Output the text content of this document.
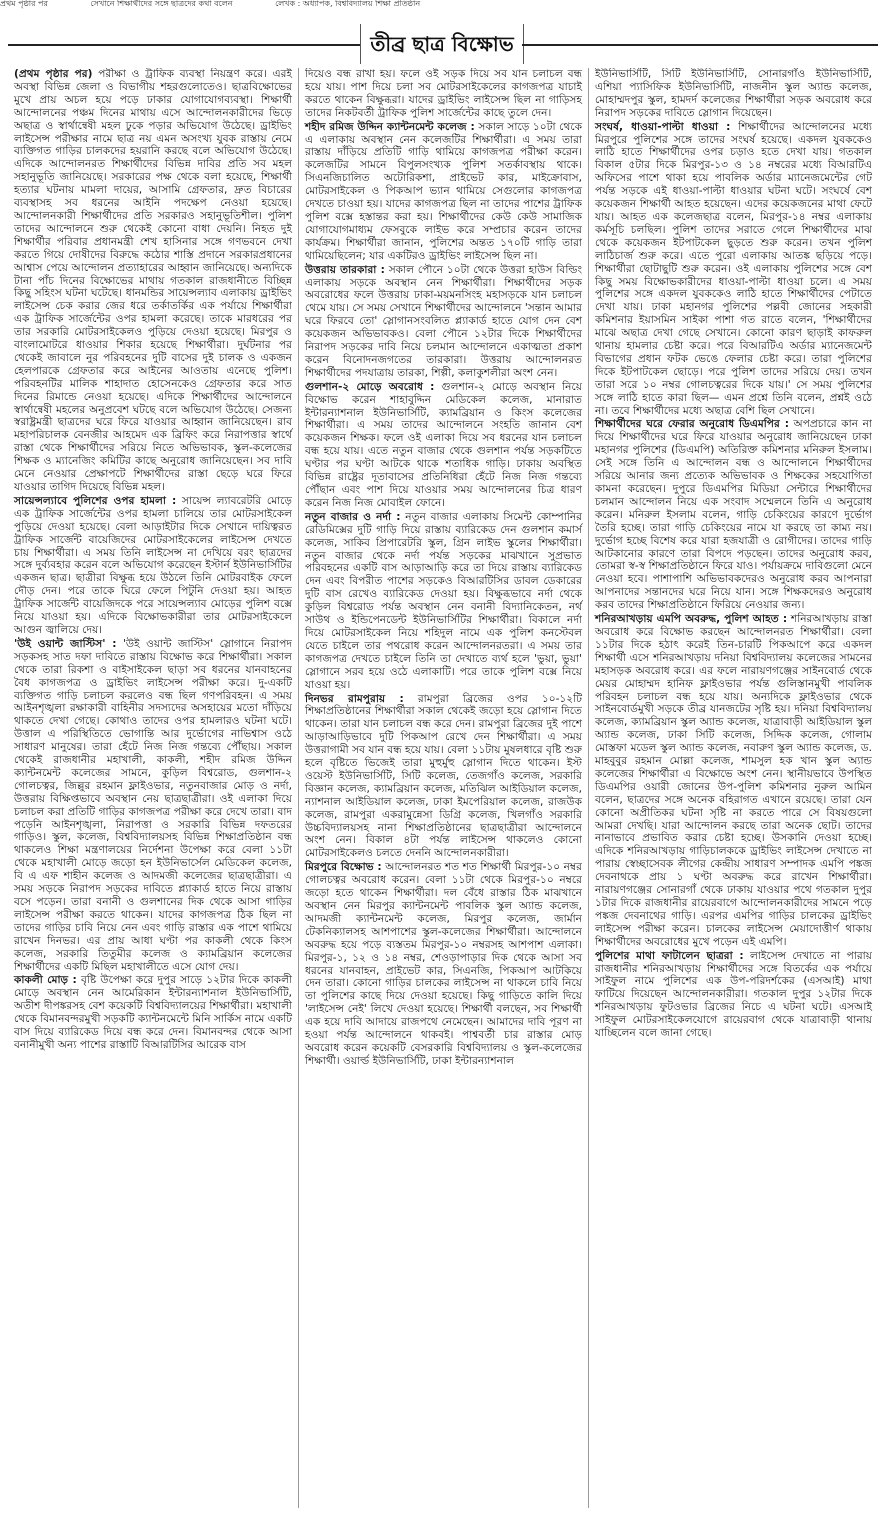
প্রথম পৃষ্ঠার পর	সেখানে শিক্ষার্থীদের সঙ্গে ছাত্রদের কথা বলেন	লেখক : অধ্যাপক, বিশ্ববিদ্যালয় শিক্ষা প্রতিষ্ঠান
তীব্র ছাত্র বিক্ষোভ

(প্রথম পৃষ্ঠার পর) পরীক্ষা ও ট্রাফিক ব্যবস্থা নিয়ন্ত্রণ করে। এরই অবস্থা বিভিন্ন জেলা ও বিভাগীয় শহরগুলোতেও। ছাত্রবিক্ষোভের মুখে প্রায় অচল হয়ে পড়ে ঢাকার যোগাযোগব্যবস্থা। শিক্ষার্থী আন্দোলনের পঞ্চম দিনের মাথায় এসে আন্দোলনকারীদের ভিড়ে অছাত্র ও স্বার্থান্বেষী মহল ঢুকে পড়ার অভিযোগ উঠেছে। ড্রাইভিং লাইসেন্স পরীক্ষার নামে ছাত্র নয় এমন অসংখ্য যুবক রাস্তায় নেমে ব্যক্তিগত গাড়ির চালকদের হয়রানি করছে বলে অভিযোগ উঠেছে। এদিকে আন্দোলনরত শিক্ষার্থীদের বিভিন্ন দাবির প্রতি সব মহল সহানুভূতি জানিয়েছে। সরকারের পক্ষ থেকে বলা হয়েছে, শিক্ষার্থী হত্যার ঘটনায় মামলা দায়ের, আসামি গ্রেফতার, দ্রুত বিচারের ব্যবস্থাসহ সব ধরনের আইনি পদক্ষেপ নেওয়া হয়েছে। আন্দোলনকারী শিক্ষার্থীদের প্রতি সরকারও সহানুভূতিশীল। পুলিশ তাদের আন্দোলনে শুরু থেকেই কোনো বাধা দেয়নি। নিহত দুই শিক্ষার্থীর পরিবার প্রধানমন্ত্রী শেখ হাসিনার সঙ্গে গণভবনে দেখা করতে গিয়ে দোষীদের বিরুদ্ধে কঠোর শাস্তি প্রদানে সরকারপ্রধানের আশ্বাস পেয়ে আন্দোলন প্রত্যাহারের আহ্বান জানিয়েছে। অন্যদিকে টানা পাঁচ দিনের বিক্ষোভের মাথায় গতকাল রাজধানীতে বিচ্ছিন্ন কিছু সহিংস ঘটনা ঘটেছে। ধানমন্ডির সায়েন্সল্যাব এলাকায় ড্রাইভিং লাইসেন্স চেক করার জের ধরে তর্কাতর্কির এক পর্যায়ে শিক্ষার্থীরা এক ট্রাফিক সার্জেন্টের ওপর হামলা করেছে। তাকে মারধরের পর তার সরকারি মোটরসাইকেলও পুড়িয়ে দেওয়া হয়েছে। মিরপুর ও বাংলামোটরে ধাওয়ার শিকার হয়েছে শিক্ষার্থীরা। দুর্ঘটনার পর থেকেই জাবালে নুর পরিবহনের দুটি বাসের দুই চালক ও একজন হেলপারকে গ্রেফতার করে আইনের আওতায় এনেছে পুলিশ। পরিবহনটির মালিক শাহাদাত হোসেনকেও গ্রেফতার করে সাত দিনের রিমান্ডে নেওয়া হয়েছে। এদিকে শিক্ষার্থীদের আন্দোলনে স্বার্থান্বেষী মহলের অনুপ্রবেশ ঘটছে বলে অভিযোগ উঠেছে। সেজন্য স্বরাষ্ট্রমন্ত্রী ছাত্রদের ঘরে ফিরে যাওয়ার আহ্বান জানিয়েছেন। রাব মহাপরিচালক বেনজীর আহমেদ এক ব্রিফিং করে নিরাপত্তার স্বার্থে রাস্তা থেকে শিক্ষার্থীদের সরিয়ে নিতে অভিভাবক, স্কুল-কলেজের শিক্ষক ও ম্যানেজিং কমিটির কাছে অনুরোধ জানিয়েছেন। সব দাবি মেনে নেওয়ার প্রেক্ষাপটে শিক্ষার্থীদের রাস্তা ছেড়ে ঘরে ফিরে যাওয়ার তাগিদ দিয়েছে বিভিন্ন মহল।

সায়েন্সল্যাবে পুলিশের ওপর হামলা : সায়েন্স ল্যাবরেটরি মোড়ে এক ট্রাফিক সার্জেন্টের ওপর হামলা চালিয়ে তার মোটরসাইকেল পুড়িয়ে দেওয়া হয়েছে। বেলা আড়াইটার দিকে সেখানে দায়িত্বরত ট্রাফিক সার্জেন্ট বায়েজিদের মোটরসাইকেলের লাইসেন্স দেখতে চায় শিক্ষার্থীরা। এ সময় তিনি লাইসেন্স না দেখিয়ে বরং ছাত্রদের সঙ্গে দুর্ব্যবহার করেন বলে অভিযোগ করেছেন ইস্টার্ন ইউনিভার্সিটির একজন ছাত্র। ছাত্রীরা বিক্ষুব্ধ হয়ে উঠলে তিনি মোটরবাইক ফেলে দৌড় দেন। পরে তাকে ঘিরে ফেলে পিটুনি দেওয়া হয়। আহত ট্রাফিক সার্জেন্ট বায়েজিদকে পরে সায়েন্সল্যাব মোড়ের পুলিশ বক্সে নিয়ে যাওয়া হয়। এদিকে বিক্ষোভকারীরা তার মোটরসাইকেলে আগুন জ্বালিয়ে দেয়।

'উই ওয়ান্ট জাস্টিস' : 'উই ওয়ান্ট জাস্টিস' স্লোগানে নিরাপদ সড়কসহ সাত দফা দাবিতে রাস্তায় বিক্ষোভ করে শিক্ষার্থীরা। সকাল থেকে তারা রিকশা ও বাইসাইকেল ছাড়া সব ধরনের যানবাহনের বৈধ কাগজপত্র ও ড্রাইভিং লাইসেন্স পরীক্ষা করে। দু-একটি ব্যক্তিগত গাড়ি চলাচল করলেও বন্ধ ছিল গণপরিবহন। এ সময় আইনশৃঙ্খলা রক্ষাকারী বাহিনীর সদস্যদের অসহায়ের মতো দাঁড়িয়ে থাকতে দেখা গেছে। কোথাও তাদের ওপর হামলারও ঘটনা ঘটে। উত্তাল এ পরিস্থিতিতে ভোগান্তি আর দুর্ভোগের নাভিশ্বাস ওঠে সাধারণ মানুষের। তারা হেঁটে নিজ নিজ গন্তব্যে পৌঁছায়। সকাল থেকেই রাজধানীর মহাখালী, কাকলী, শহীদ রমিজ উদ্দিন ক্যান্টনমেন্ট কলেজের সামনে, কুড়িল বিশ্বরোড, গুলশান-২ গোলচত্বর, জিল্লুর রহমান ফ্লাইওভার, নতুনবাজার মোড় ও নর্দা, উত্তরায় বিক্ষিপ্তভাবে অবস্থান নেয় ছাত্রছাত্রীরা। ওই এলাকা দিয়ে চলাচল করা প্রতিটি গাড়ির কাগজপত্র পরীক্ষা করে দেখে তারা। বাদ পড়েনি আইনশৃঙ্খলা, নিরাপত্তা ও সরকারি বিভিন্ন দফতরের গাড়িও। স্কুল, কলেজ, বিশ্ববিদ্যালয়সহ বিভিন্ন শিক্ষাপ্রতিষ্ঠান বন্ধ থাকলেও শিক্ষা মন্ত্রণালয়ের নির্দেশনা উপেক্ষা করে বেলা ১১টা থেকে মহাখালী মোড়ে জড়ো হন ইউনিভার্সেল মেডিকেল কলেজ, বি এ এফ শাহীন কলেজ ও আদমজী কলেজের ছাত্রছাত্রীরা। এ সময় সড়কে নিরাপদ সড়কের দাবিতে প্ল্যাকার্ড হাতে নিয়ে রাস্তায় বসে পড়েন। তারা বনানী ও গুলশানের দিক থেকে আসা গাড়ির লাইসেন্স পরীক্ষা করতে থাকেন। যাদের কাগজপত্র ঠিক ছিল না তাদের গাড়ির চাবি নিয়ে নেন এবং গাড়ি রাস্তার এক পাশে থামিয়ে রাখেন দিনভর। এর প্রায় আধা ঘণ্টা পর কাকলী থেকে কিংস কলেজ, সরকারি তিতুমীর কলেজ ও ক্যামব্রিয়ান কলেজের শিক্ষার্থীদের একটি মিছিল মহাখালীতে এসে যোগ দেয়।

কাকলী মোড় : বৃষ্টি উপেক্ষা করে দুপুর সাড়ে ১২টার দিকে কাকলী মোড়ে অবস্থান নেন আমেরিকান ইন্টারন্যাশনাল ইউনিভার্সিটি, অতীশ দীপঙ্করসহ বেশ কয়েকটি বিশ্ববিদ্যালয়ের শিক্ষার্থীরা। মহাখালী থেকে বিমানবন্দরমুখী সড়কটি ক্যান্টনমেন্টে মিনি সার্কিস নামে একটি বাস দিয়ে ব্যারিকেড দিয়ে বন্ধ করে দেন। বিমানবন্দর থেকে আসা বনানীমুখী অন্য পাশের রাস্তাটি বিআরটিসির আরেক বাস

দিয়েও বন্ধ রাখা হয়। ফলে ওই সড়ক দিয়ে সব যান চলাচল বন্ধ হয়ে যায়। পাশ দিয়ে চলা সব মোটরসাইকেলের কাগজপত্র যাচাই করতে থাকেন বিক্ষুব্ধরা। যাদের ড্রাইভিং লাইসেন্স ছিল না গাড়িসহ তাদের নিকটবর্তী ট্রাফিক পুলিশ সার্জেন্টের কাছে তুলে দেন।

শহীদ রমিজ উদ্দিন ক্যান্টনমেন্ট কলেজ : সকাল সাড়ে ১০টা থেকে এ এলাকায় অবস্থান নেন কলেজটির শিক্ষার্থীরা। এ সময় তারা রাস্তায় দাঁড়িয়ে প্রতিটি গাড়ি থামিয়ে কাগজপত্র পরীক্ষা করেন। কলেজটির সামনে বিপুলসংখ্যক পুলিশ সতর্কাবস্থায় থাকে। সিএনজিচালিত অটোরিকশা, প্রাইভেট কার, মাইক্রোবাস, মোটরসাইকেল ও পিকআপ ভ্যান থামিয়ে সেগুলোর কাগজপত্র দেখতে চাওয়া হয়। যাদের কাগজপত্র ছিল না তাদের পাশের ট্রাফিক পুলিশ বক্সে হস্তান্তর করা হয়। শিক্ষার্থীদের কেউ কেউ সামাজিক যোগাযোগমাধ্যম ফেসবুকে লাইভ করে সম্প্রচার করেন তাদের কার্যক্রম। শিক্ষার্থীরা জানান, পুলিশের অন্তত ১৭০টি গাড়ি তারা থামিয়েছিলেন; যার একটিরও ড্রাইভিং লাইসেন্স ছিল না।

উত্তরায় তারকারা : সকাল পৌনে ১০টা থেকে উত্তরা হাউস বিল্ডিং এলাকায় সড়কে অবস্থান নেন শিক্ষার্থীরা। শিক্ষার্থীদের সড়ক অবরোধের ফলে উত্তরায় ঢাকা-ময়মনসিংহ মহাসড়কে যান চলাচল থেমে যায়। সে সময় সেখানে শিক্ষার্থীদের আন্দোলনে 'সন্তান আমার ঘরে ফিরবে তো' স্লোগানসংবলিত প্ল্যাকার্ড হাতে যোগ দেন বেশ কয়েকজন অভিভাবকও। বেলা পৌনে ১২টার দিকে শিক্ষার্থীদের নিরাপদ সড়কের দাবি নিয়ে চলমান আন্দোলনে একাত্মতা প্রকাশ করেন বিনোদনজগতের তারকারা। উত্তরায় আন্দোলনরত শিক্ষার্থীদের পদযাত্রায় তারকা, শিল্পী, কলাকুশলীরা অংশ নেন।

গুলশান-২ মোড়ে অবরোধ : গুলশান-২ মোড়ে অবস্থান নিয়ে বিক্ষোভ করেন শাহাবুদ্দিন মেডিকেল কলেজ, মানারাত ইন্টারন্যাশনাল ইউনিভার্সিটি, ক্যামব্রিয়ান ও কিংস কলেজের শিক্ষার্থীরা। এ সময় তাদের আন্দোলনে সংহতি জানান বেশ কয়েকজন শিক্ষক। ফলে ওই এলাকা দিয়ে সব ধরনের যান চলাচল বন্ধ হয়ে যায়। এতে নতুন বাজার থেকে গুলশান পর্যন্ত সড়কটিতে ঘণ্টার পর ঘণ্টা আটকে থাকে শতাধিক গাড়ি। ঢাকায় অবস্থিত বিভিন্ন রাষ্ট্রের দূতাবাসের প্রতিনিধিরা হেঁটে নিজ নিজ গন্তব্যে পৌঁছান এবং পাশ দিয়ে যাওয়ার সময় আন্দোলনের চিত্র ধারণ করেন নিজ নিজ মোবাইল ফোনে।

নতুন বাজার ও নর্দা : নতুন বাজার এলাকায় সিমেন্ট কোম্পানির রেডিমিক্সের দুটি গাড়ি দিয়ে রাস্তায় ব্যারিকেড দেন গুলশান কমার্স কলেজ, সাকিব প্রিপারেটরি স্কুল, গ্রিন লাইভ স্কুলের শিক্ষার্থীরা। নতুন বাজার থেকে নর্দা পর্যন্ত সড়কের মাঝখানে সুপ্রভাত পরিবহনের একটি বাস আড়াআড়ি করে তা দিয়ে রাস্তায় ব্যারিকেড দেন এবং বিপরীত পাশের সড়কেও বিআরটিসির ডাবল ডেকারের দুটি বাস রেখেও ব্যারিকেড দেওয়া হয়। বিক্ষুব্ধভাবে নর্দা থেকে কুড়িল বিশ্বরোড পর্যন্ত অবস্থান নেন বনানী বিদ্যানিকেতন, নর্থ সাউথ ও ইন্ডিপেনডেন্ট ইউনিভার্সিটির শিক্ষার্থীরা। বিকালে নর্দা দিয়ে মোটরসাইকেল নিয়ে শহিদুল নামে এক পুলিশ কনস্টেবল যেতে চাইলে তার পথরোধ করেন আন্দোলনরতরা। এ সময় তার কাগজপত্র দেখতে চাইলে তিনি তা দেখাতে ব্যর্থ হলে 'ভুয়া, ভুয়া' স্লোগানে সরব হয়ে ওঠে এলাকাটি। পরে তাকে পুলিশ বক্সে নিয়ে যাওয়া হয়।

দিনভর রামপুরায় : রামপুরা ব্রিজের ওপর ১০-১২টি শিক্ষাপ্রতিষ্ঠানের শিক্ষার্থীরা সকাল থেকেই জড়ো হয়ে স্লোগান দিতে থাকেন। তারা যান চলাচল বন্ধ করে দেন। রামপুরা ব্রিজের দুই পাশে আড়াআড়িভাবে দুটি পিকআপ রেখে দেন শিক্ষার্থীরা। এ সময় উত্তরাগামী সব যান বন্ধ হয়ে যায়। বেলা ১১টায় মুষলধারে বৃষ্টি শুরু হলে বৃষ্টিতে ভিজেই তারা মুহুর্মুহু স্লোগান দিতে থাকেন। ইস্ট ওয়েস্ট ইউনিভার্সিটি, সিটি কলেজ, তেজগাঁও কলেজ, সরকারি বিজ্ঞান কলেজ, ক্যামব্রিয়ান কলেজ, মতিঝিল আইডিয়াল কলেজ, ন্যাশনাল আইডিয়াল কলেজ, ঢাকা ইমপেরিয়াল কলেজ, রাজউক কলেজ, রামপুরা একরামুন্নেসা ডিগ্রি কলেজ, খিলগাঁও সরকারি উচ্চবিদ্যালয়সহ নানা শিক্ষাপ্রতিষ্ঠানের ছাত্রছাত্রীরা আন্দোলনে অংশ নেন। বিকাল ৪টা পর্যন্ত লাইসেন্স থাকলেও কোনো মোটরসাইকেলও চলতে দেননি আন্দোলনকারীরা।

মিরপুরে বিক্ষোভ : আন্দোলনরত শত শত শিক্ষার্থী মিরপুর-১০ নম্বর গোলচত্বর অবরোধ করেন। বেলা ১১টা থেকে মিরপুর-১০ নম্বরে জড়ো হতে থাকেন শিক্ষার্থীরা। দল বেঁধে রাস্তার ঠিক মাঝখানে অবস্থান নেন মিরপুর ক্যান্টনমেন্ট পাবলিক স্কুল অ্যান্ড কলেজ, আদমজী ক্যান্টনমেন্ট কলেজ, মিরপুর কলেজ, জার্মান টেকনিক্যালসহ আশপাশের স্কুল-কলেজের শিক্ষার্থীরা। আন্দোলনে অবরুদ্ধ হয়ে পড়ে ব্যস্ততম মিরপুর-১০ নম্বরসহ আশপাশ এলাকা। মিরপুর-১, ১২ ও ১৪ নম্বর, শেওড়াপাড়ার দিক থেকে আসা সব ধরনের যানবাহন, প্রাইভেট কার, সিএনজি, পিকআপ আটকিয়ে দেন তারা। কোনো গাড়ির চালকের লাইসেন্স না থাকলে চাবি নিয়ে তা পুলিশের কাছে দিয়ে দেওয়া হয়েছে। কিছু গাড়িতে কালি দিয়ে 'লাইসেন্স নেই' লিখে দেওয়া হয়েছে। শিক্ষার্থী বলছেন, সব শিক্ষার্থী এক হয়ে দাবি আদায়ে রাজপথে নেমেছেন। আমাদের দাবি পূরণ না হওয়া পর্যন্ত আন্দোলনে থাকবই। পাশ্ববর্তী চার রাস্তার মোড় অবরোধ করেন কয়েকটি বেসরকারি বিশ্ববিদ্যালয় ও স্কুল-কলেজের শিক্ষার্থী। ওয়ার্ল্ড ইউনিভার্সিটি, ঢাকা ইন্টারন্যাশনাল

ইউনিভার্সিটি, সিটি ইউনিভার্সিটি, সোনারগাঁও ইউনিভার্সিটি, এশিয়া প্যাসিফিক ইউনিভার্সিটি, নাজনীন স্কুল অ্যান্ড কলেজ, মোহাম্মদপুর স্কুল, হামদর্দ কলেজের শিক্ষার্থীরা সড়ক অবরোধ করে নিরাপদ সড়কের দাবিতে স্লোগান দিয়েছেন।

সংঘর্ষ, ধাওয়া-পাল্টা ধাওয়া : শিক্ষার্থীদের আন্দোলনের মধ্যে মিরপুরে পুলিশের সঙ্গে তাদের সংঘর্ষ হয়েছে। একদল যুবককেও লাঠি হাতে শিক্ষার্থীদের ওপর চড়াও হতে দেখা যায়। গতকাল বিকাল ৫টার দিকে মিরপুর-১৩ ও ১৪ নম্বরের মধ্যে বিআরটিএ অফিসের পাশে থাকা হয়ে পাবলিক অর্ডার ম্যানেজমেন্টের গেট পর্যন্ত সড়কে এই ধাওয়া-পাল্টা ধাওয়ার ঘটনা ঘটে। সংঘর্ষে বেশ কয়েকজন শিক্ষার্থী আহত হয়েছেন। এদের কয়েকজনের মাথা ফেটে যায়। আহত এক কলেজছাত্র বলেন, মিরপুর-১৪ নম্বর এলাকায় কর্মসূচি চলছিল। পুলিশ তাদের সরাতে গেলে শিক্ষার্থীদের মাঝ থেকে কয়েকজন ইটপাটকেল ছুড়তে শুরু করেন। তখন পুলিশ লাঠিচার্জ শুরু করে। এতে পুরো এলাকায় আতঙ্ক ছড়িয়ে পড়ে। শিক্ষার্থীরা ছোটাছুটি শুরু করেন। ওই এলাকায় পুলিশের সঙ্গে বেশ কিছু সময় বিক্ষোভকারীদের ধাওয়া-পাল্টা ধাওয়া চলে। এ সময় পুলিশের সঙ্গে একদল যুবককেও লাঠি হাতে শিক্ষার্থীদের পেটাতে দেখা যায়। ঢাকা মহানগর পুলিশের পল্লবী জোনের সহকারী কমিশনার ইয়াসমিন সাইকা পাশা গত রাতে বলেন, 'শিক্ষার্থীদের মাঝে অছাত্র দেখা গেছে সেখানে। কোনো কারণ ছাড়াই কাফরুল থানায় হামলার চেষ্টা করে। পরে বিআরটিএ অর্ডার ম্যানেজমেন্ট বিভাগের প্রধান ফটক ভেঙে ফেলার চেষ্টা করে। তারা পুলিশের দিকে ইটপাটকেল ছোড়ে। পরে পুলিশ তাদের সরিয়ে দেয়। তখন তারা সরে ১০ নম্বর গোলচত্বরের দিকে যায়।' সে সময় পুলিশের সঙ্গে লাঠি হাতে কারা ছিল— এমন প্রশ্নে তিনি বলেন, প্রশ্নই ওঠে না। তবে শিক্ষার্থীদের মধ্যে অছাত্র বেশি ছিল সেখানে।

শিক্ষার্থীদের ঘরে ফেরার অনুরোধ ডিএমপির : অপপ্রচারে কান না দিয়ে শিক্ষার্থীদের ঘরে ফিরে যাওয়ার অনুরোধ জানিয়েছেন ঢাকা মহানগর পুলিশের (ডিএমপি) অতিরিক্ত কমিশনার মনিরুল ইসলাম। সেই সঙ্গে তিনি এ আন্দোলন বন্ধ ও আন্দোলনে শিক্ষার্থীদের সরিয়ে আনার জন্য প্রত্যেক অভিভাবক ও শিক্ষকের সহযোগিতা কামনা করেছেন। দুপুরে ডিএমপির মিডিয়া সেন্টারে শিক্ষার্থীদের চলমান আন্দোলন নিয়ে এক সংবাদ সম্মেলনে তিনি এ অনুরোধ করেন। মনিরুল ইসলাম বলেন, গাড়ি চেকিংয়ের কারণে দুর্ভোগ তৈরি হচ্ছে। তারা গাড়ি চেকিংয়ের নামে যা করছে তা কাম্য নয়। দুর্ভোগ হচ্ছে বিশেষ করে যারা হজযাত্রী ও রোগীদের। তাদের গাড়ি আটকানোর কারণে তারা বিপদে পড়ছেন। তাদের অনুরোধ করব, তোমরা স্ব-স্ব শিক্ষাপ্রতিষ্ঠানে ফিরে যাও। পর্যায়ক্রমে দাবিগুলো মেনে নেওয়া হবে। পাশাপাশি অভিভাবকদেরও অনুরোধ করব আপনারা আপনাদের সন্তানদের ঘরে নিয়ে যান। সঙ্গে শিক্ষকদেরও অনুরোধ করব তাদের শিক্ষাপ্রতিষ্ঠানে ফিরিয়ে নেওয়ার জন্য।

শনিরআখড়ায় এমপি অবরুদ্ধ, পুলিশ আহত : শনিরআখড়ায় রাস্তা অবরোধ করে বিক্ষোভ করছেন আন্দোলনরত শিক্ষার্থীরা। বেলা ১১টার দিকে হঠাৎ করেই তিন-চারটি পিকআপে করে একদল শিক্ষার্থী এসে শনিরআখড়ায় দনিয়া বিশ্ববিদ্যালয় কলেজের সামনের মহাসড়ক অবরোধ করে। এর ফলে নারায়ণগঞ্জের সাইনবোর্ড থেকে মেয়র মোহাম্মদ হানিফ ফ্লাইওভার পর্যন্ত গুলিস্তানমুখী পাবলিক পরিবহন চলাচল বন্ধ হয়ে যায়। অন্যদিকে ফ্লাইওভার থেকে সাইনবোর্ডমুখী সড়কে তীব্র যানজটের সৃষ্টি হয়। দনিয়া বিশ্ববিদ্যালয় কলেজ, ক্যামব্রিয়ান স্কুল অ্যান্ড কলেজ, যাত্রাবাড়ী আইডিয়াল স্কুল অ্যান্ড কলেজ, ঢাকা সিটি কলেজ, সিদ্দিক কলেজ, গোলাম মোস্তফা মডেল স্কুল অ্যান্ড কলেজ, নবারুণ স্কুল অ্যান্ড কলেজ, ড. মাহবুবুর রহমান মোল্লা কলেজ, শামসুল হক খান স্কুল অ্যান্ড কলেজের শিক্ষার্থীরা এ বিক্ষোভে অংশ নেন। স্থানীয়ভাবে উপস্থিত ডিএমপির ওয়ারী জোনের উপ-পুলিশ কমিশনার নুরুল আমিন বলেন, ছাত্রদের সঙ্গে অনেক বহিরাগত এখানে রয়েছে। তারা যেন কোনো অপ্রীতিকর ঘটনা সৃষ্টি না করতে পারে সে বিষয়গুলো আমরা দেখছি। যারা আন্দোলন করছে তারা অনেক ছোট। তাদের নানাভাবে প্রভাবিত করার চেষ্টা হচ্ছে। উসকানি দেওয়া হচ্ছে। এদিকে শনিরআখড়ায় গাড়িচালককে ড্রাইভিং লাইসেন্স দেখাতে না পারায় স্বেচ্ছাসেবক লীগের কেন্দ্রীয় সাধারণ সম্পাদক এমপি পঙ্কজ দেবনাথকে প্রায় ১ ঘণ্টা অবরুদ্ধ করে রাখেন শিক্ষার্থীরা। নারায়ণগঞ্জের সোনারগাঁ থেকে ঢাকায় যাওয়ার পথে গতকাল দুপুর ১টার দিকে রাজধানীর রায়েরবাগে আন্দোলনকারীদের সামনে পড়ে পঙ্কজ দেবনাথের গাড়ি। এরপর এমপির গাড়ির চালকের ড্রাইভিং লাইসেন্স পরীক্ষা করেন। চালকের লাইসেন্স মেয়াদোত্তীর্ণ থাকায় শিক্ষার্থীদের অবরোধের মুখে পড়েন এই এমপি।

পুলিশের মাথা ফাটালেন ছাত্ররা : লাইসেন্স দেখাতে না পারায় রাজধানীর শনিরআখড়ায় শিক্ষার্থীদের সঙ্গে বিতর্কের এক পর্যায়ে সাইফুল নামে পুলিশের এক উপ-পরিদর্শকের (এসআই) মাথা ফাটিয়ে দিয়েছেন আন্দোলনকারীরা। গতকাল দুপুর ১২টার দিকে শনিরআখড়ায় ফুটওভার ব্রিজের নিচে এ ঘটনা ঘটে। এসআই সাইফুল মোটরসাইকেলযোগে রায়েরবাগ থেকে যাত্রাবাড়ী থানায় যাচ্ছিলেন বলে জানা গেছে।
